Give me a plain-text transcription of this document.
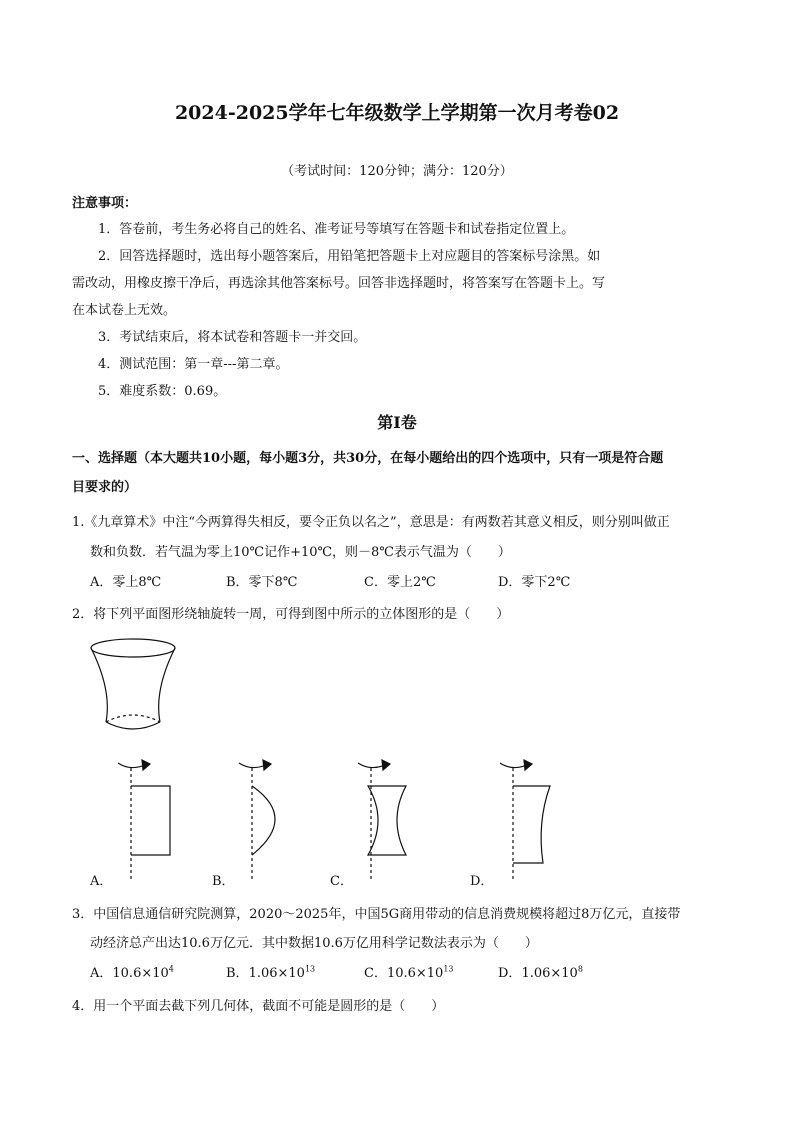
2024-2025学年七年级数学上学期第一次月考卷02
（考试时间：120分钟；满分：120分）
注意事项：
1．答卷前，考生务必将自己的姓名、准考证号等填写在答题卡和试卷指定位置上。
2．回答选择题时，选出每小题答案后，用铅笔把答题卡上对应题目的答案标号涂黑。如
需改动，用橡皮擦干净后，再选涂其他答案标号。回答非选择题时，将答案写在答题卡上。写
在本试卷上无效。
3．考试结束后，将本试卷和答题卡一并交回。
4．测试范围：第一章---第二章。
5．难度系数：0.69。
第Ⅰ卷
一、选择题（本大题共10小题，每小题3分，共30分，在每小题给出的四个选项中，只有一项是符合题
目要求的）
1.《九章算术》中注“今两算得失相反，要令正负以名之”，意思是：有两数若其意义相反，则分别叫做正
数和负数．若气温为零上10℃记作+10℃，则－8℃表示气温为（　　）
A．零上8℃	B．零下8℃	C．零上2℃	D．零下2℃
2．将下列平面图形绕轴旋转一周，可得到图中所示的立体图形的是（　　）
A．	B．	C．	D．
3．中国信息通信研究院测算，2020～2025年，中国5G商用带动的信息消费规模将超过8万亿元，直接带
动经济总产出达10.6万亿元．其中数据10.6万亿用科学记数法表示为（　　）
A．$10.6\times 10^4$	B．$1.06\times 10^{13}$	C．$10.6\times 10^{13}$	D．$1.06\times 10^8$
4．用一个平面去截下列几何体，截面不可能是圆形的是（　　）
